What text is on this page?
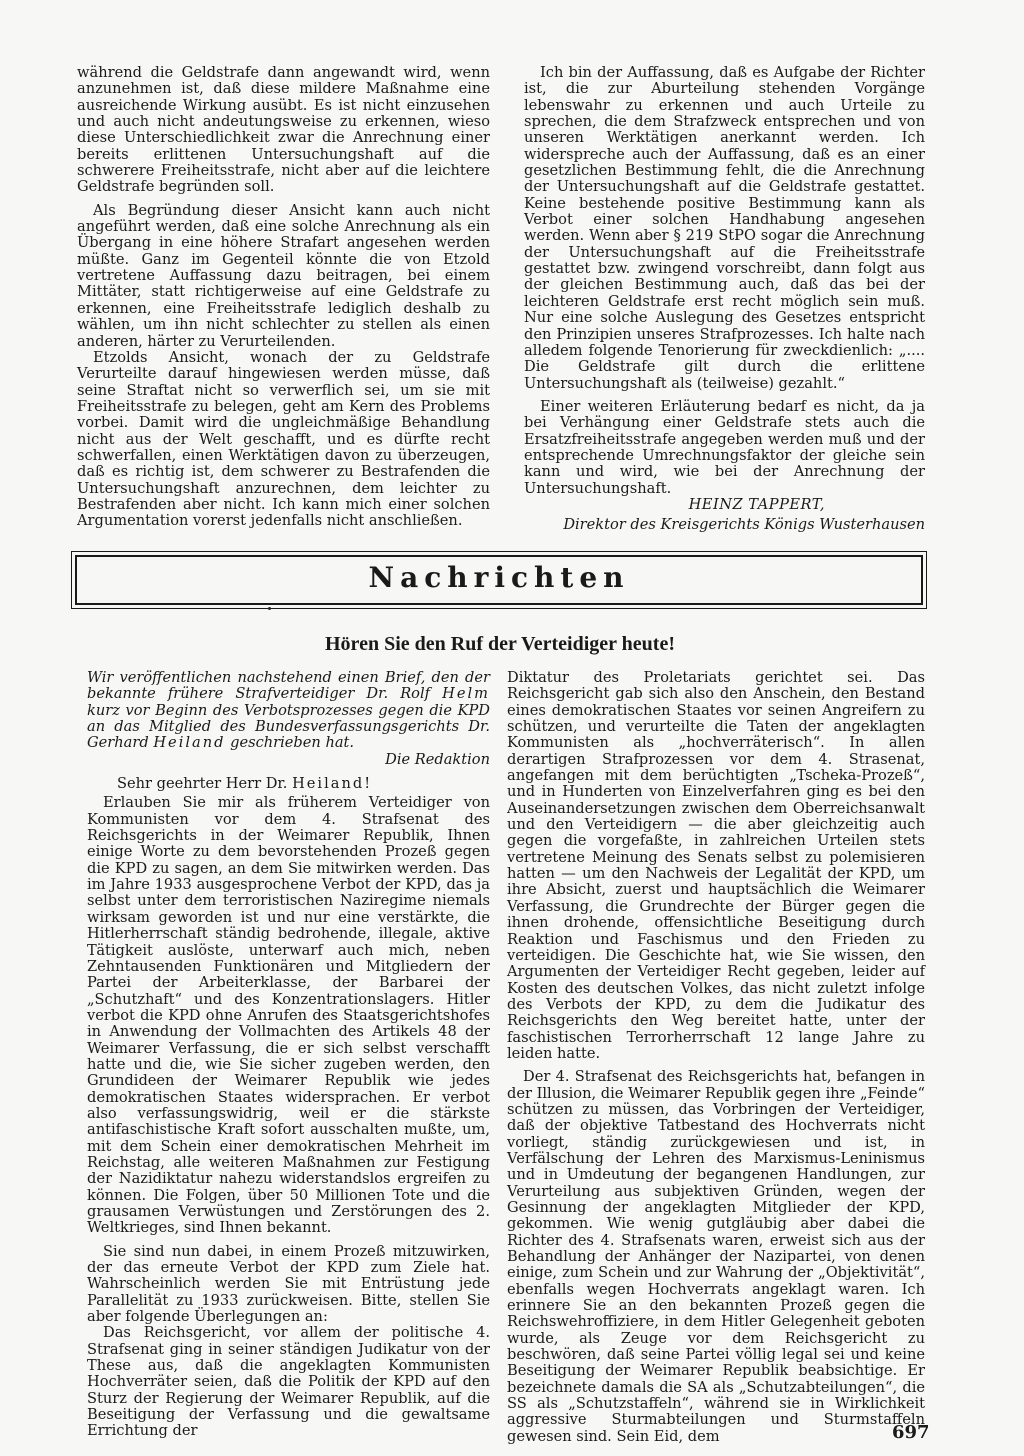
während die Geldstrafe dann angewandt wird, wenn anzunehmen ist, daß diese mildere Maßnahme eine ausreichende Wirkung ausübt. Es ist nicht einzusehen und auch nicht andeutungsweise zu erkennen, wieso diese Unterschiedlichkeit zwar die Anrechnung einer bereits erlittenen Untersuchungshaft auf die schwerere Freiheitsstrafe, nicht aber auf die leichtere Geldstrafe begründen soll.

Als Begründung dieser Ansicht kann auch nicht angeführt werden, daß eine solche Anrechnung als ein Übergang in eine höhere Strafart angesehen werden müßte. Ganz im Gegenteil könnte die von Etzold vertretene Auffassung dazu beitragen, bei einem Mittäter, statt richtigerweise auf eine Geldstrafe zu erkennen, eine Freiheitsstrafe lediglich deshalb zu wählen, um ihn nicht schlechter zu stellen als einen anderen, härter zu Verurteilenden.

Etzolds Ansicht, wonach der zu Geldstrafe Verurteilte darauf hingewiesen werden müsse, daß seine Straftat nicht so verwerflich sei, um sie mit Freiheitsstrafe zu belegen, geht am Kern des Problems vorbei. Damit wird die ungleichmäßige Behandlung nicht aus der Welt geschafft, und es dürfte recht schwerfallen, einen Werktätigen davon zu überzeugen, daß es richtig ist, dem schwerer zu Bestrafenden die Untersuchungshaft anzurechnen, dem leichter zu Bestrafenden aber nicht. Ich kann mich einer solchen Argumentation vorerst jedenfalls nicht anschließen.

Ich bin der Auffassung, daß es Aufgabe der Richter ist, die zur Aburteilung stehenden Vorgänge lebenswahr zu erkennen und auch Urteile zu sprechen, die dem Strafzweck entsprechen und von unseren Werktätigen anerkannt werden. Ich widerspreche auch der Auffassung, daß es an einer gesetzlichen Bestimmung fehlt, die die Anrechnung der Untersuchungshaft auf die Geldstrafe gestattet. Keine bestehende positive Bestimmung kann als Verbot einer solchen Handhabung angesehen werden. Wenn aber § 219 StPO sogar die Anrechnung der Untersuchungshaft auf die Freiheitsstrafe gestattet bzw. zwingend vorschreibt, dann folgt aus der gleichen Bestimmung auch, daß das bei der leichteren Geldstrafe erst recht möglich sein muß. Nur eine solche Auslegung des Gesetzes entspricht den Prinzipien unseres Strafprozesses. Ich halte nach alledem folgende Tenorierung für zweckdienlich: „.... Die Geldstrafe gilt durch die erlittene Untersuchungshaft als (teilweise) gezahlt.“

Einer weiteren Erläuterung bedarf es nicht, da ja bei Verhängung einer Geldstrafe stets auch die Ersatzfreiheitsstrafe angegeben werden muß und der entsprechende Umrechnungsfaktor der gleiche sein kann und wird, wie bei der Anrechnung der Untersuchungshaft.

HEINZ TAPPERT,

Direktor des Kreisgerichts Königs Wusterhausen

Nachrichten
Hören Sie den Ruf der Verteidiger heute!

Wir veröffentlichen nachstehend einen Brief, den der bekannte frühere Strafverteidiger Dr. Rolf Helm kurz vor Beginn des Verbotsprozesses gegen die KPD an das Mitglied des Bundesverfassungsgerichts Dr. Gerhard Heiland geschrieben hat.

Die Redaktion

Sehr geehrter Herr Dr. Heiland!

Erlauben Sie mir als früherem Verteidiger von Kommunisten vor dem 4. Strafsenat des Reichsgerichts in der Weimarer Republik, Ihnen einige Worte zu dem bevorstehenden Prozeß gegen die KPD zu sagen, an dem Sie mitwirken werden. Das im Jahre 1933 ausgesprochene Verbot der KPD, das ja selbst unter dem terroristischen Naziregime niemals wirksam geworden ist und nur eine verstärkte, die Hitlerherrschaft ständig bedrohende, illegale, aktive Tätigkeit auslöste, unterwarf auch mich, neben Zehntausenden Funktionären und Mitgliedern der Partei der Arbeiterklasse, der Barbarei der „Schutzhaft“ und des Konzentrationslagers. Hitler verbot die KPD ohne Anrufen des Staatsgerichtshofes in Anwendung der Vollmachten des Artikels 48 der Weimarer Verfassung, die er sich selbst verschafft hatte und die, wie Sie sicher zugeben werden, den Grundideen der Weimarer Republik wie jedes demokratischen Staates widersprachen. Er verbot also verfassungswidrig, weil er die stärkste antifaschistische Kraft sofort ausschalten mußte, um, mit dem Schein einer demokratischen Mehrheit im Reichstag, alle weiteren Maßnahmen zur Festigung der Nazidiktatur nahezu widerstandslos ergreifen zu können. Die Folgen, über 50 Millionen Tote und die grausamen Verwüstungen und Zerstörungen des 2. Weltkrieges, sind Ihnen bekannt.

Sie sind nun dabei, in einem Prozeß mitzuwirken, der das erneute Verbot der KPD zum Ziele hat. Wahrscheinlich werden Sie mit Entrüstung jede Parallelität zu 1933 zurückweisen. Bitte, stellen Sie aber folgende Überlegungen an:

Das Reichsgericht, vor allem der politische 4. Strafsenat ging in seiner ständigen Judikatur von der These aus, daß die angeklagten Kommunisten Hochverräter seien, daß die Politik der KPD auf den Sturz der Regierung der Weimarer Republik, auf die Beseitigung der Verfassung und die gewaltsame Errichtung der

Diktatur des Proletariats gerichtet sei. Das Reichsgericht gab sich also den Anschein, den Bestand eines demokratischen Staates vor seinen Angreifern zu schützen, und verurteilte die Taten der angeklagten Kommunisten als „hochverräterisch“. In allen derartigen Strafprozessen vor dem 4. Strasenat, angefangen mit dem berüchtigten „Tscheka-Prozeß“, und in Hunderten von Einzelverfahren ging es bei den Auseinandersetzungen zwischen dem Oberreichsanwalt und den Verteidigern — die aber gleichzeitig auch gegen die vorgefaßte, in zahlreichen Urteilen stets vertretene Meinung des Senats selbst zu polemisieren hatten — um den Nachweis der Legalität der KPD, um ihre Absicht, zuerst und hauptsächlich die Weimarer Verfassung, die Grundrechte der Bürger gegen die ihnen drohende, offensichtliche Beseitigung durch Reaktion und Faschismus und den Frieden zu verteidigen. Die Geschichte hat, wie Sie wissen, den Argumenten der Verteidiger Recht gegeben, leider auf Kosten des deutschen Volkes, das nicht zuletzt infolge des Verbots der KPD, zu dem die Judikatur des Reichsgerichts den Weg bereitet hatte, unter der faschistischen Terrorherrschaft 12 lange Jahre zu leiden hatte.

Der 4. Strafsenat des Reichsgerichts hat, befangen in der Illusion, die Weimarer Republik gegen ihre „Feinde“ schützen zu müssen, das Vorbringen der Verteidiger, daß der objektive Tatbestand des Hochverrats nicht vorliegt, ständig zurückgewiesen und ist, in Verfälschung der Lehren des Marxismus-Leninismus und in Umdeutung der begangenen Handlungen, zur Verurteilung aus subjektiven Gründen, wegen der Gesinnung der angeklagten Mitglieder der KPD, gekommen. Wie wenig gutgläubig aber dabei die Richter des 4. Strafsenats waren, erweist sich aus der Behandlung der Anhänger der Nazipartei, von denen einige, zum Schein und zur Wahrung der „Objektivität“, ebenfalls wegen Hochverrats angeklagt waren. Ich erinnere Sie an den bekannten Prozeß gegen die Reichswehroffiziere, in dem Hitler Gelegenheit geboten wurde, als Zeuge vor dem Reichsgericht zu beschwören, daß seine Partei völlig legal sei und keine Beseitigung der Weimarer Republik beabsichtige. Er bezeichnete damals die SA als „Schutzabteilungen“, die SS als „Schutzstaffeln“, während sie in Wirklichkeit aggressive Sturmabteilungen und Sturmstaffeln gewesen sind. Sein Eid, dem	697
